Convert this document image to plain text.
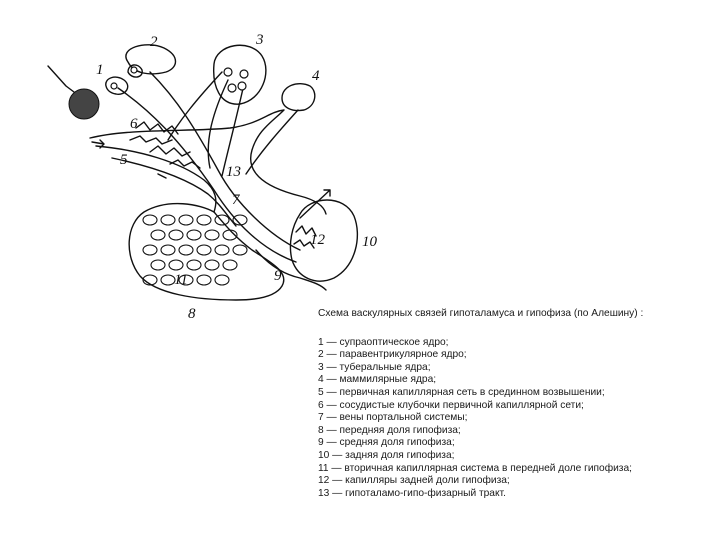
1
2	3
4
5
6
7
8
9
10
11
12
13

Схема васкулярных связей гипоталамуса и гипофиза (по Алешину) :

1 — супраоптическое ядро;
2 — паравентрикулярное ядро;
3 — туберальные ядра;
4 — маммилярные ядра;
5 — первичная капиллярная сеть в срединном возвышении;
6 — сосудистые клубочки первичной капиллярной сети;
7 — вены портальной системы;
8 — передняя доля гипофиза;
9 — средняя доля гипофиза;
10 — задняя доля гипофиза;
11 — вторичная капиллярная система в передней доле гипофиза;
12 — капилляры задней доли гипофиза;
13 — гипоталамо-гипо-физарный тракт.
